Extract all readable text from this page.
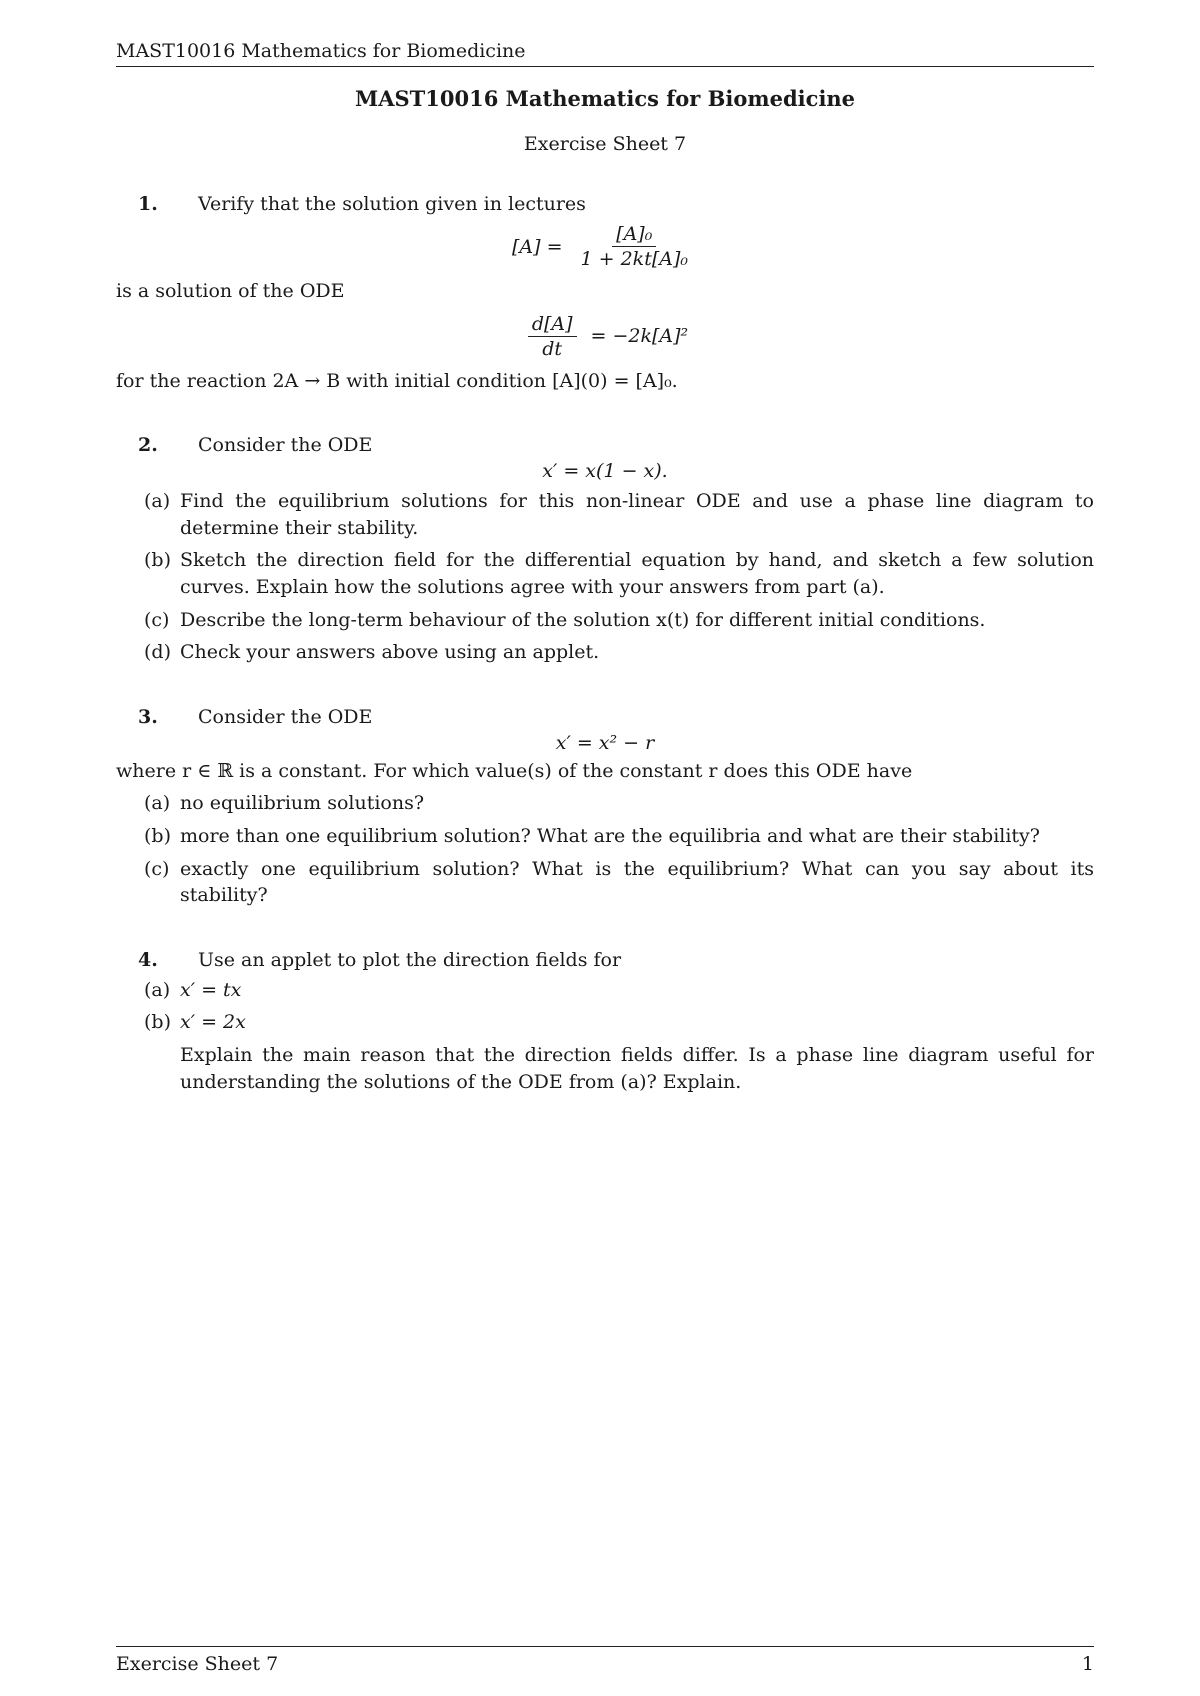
MAST10016 Mathematics for Biomedicine
MAST10016 Mathematics for Biomedicine
Exercise Sheet 7
1.	Verify that the solution given in lectures
$[A] = \frac{\text{[A]₀}}{\text{1 + 2kt[A]₀}}$
is a solution of the ODE
$\frac{d[A]}{dt} = -2k[A]^2$
for the reaction 2A → B with initial condition [A](0) = [A]₀.
2.	Consider the ODE
x′ = x(1 − x).
(a) Find the equilibrium solutions for this non-linear ODE and use a phase line diagram to determine their stability.
(b) Sketch the direction field for the differential equation by hand, and sketch a few solution curves. Explain how the solutions agree with your answers from part (a).
(c) Describe the long-term behaviour of the solution x(t) for different initial conditions.
(d) Check your answers above using an applet.
3.	Consider the ODE
x′ = x² − r
where r ∈ ℝ is a constant. For which value(s) of the constant r does this ODE have
(a) no equilibrium solutions?
(b) more than one equilibrium solution? What are the equilibria and what are their stability?
(c) exactly one equilibrium solution? What is the equilibrium? What can you say about its stability?
4.	Use an applet to plot the direction fields for
(a) x′ = tx
(b) x′ = 2x
Explain the main reason that the direction fields differ. Is a phase line diagram useful for understanding the solutions of the ODE from (a)? Explain.
Exercise Sheet 7	1
